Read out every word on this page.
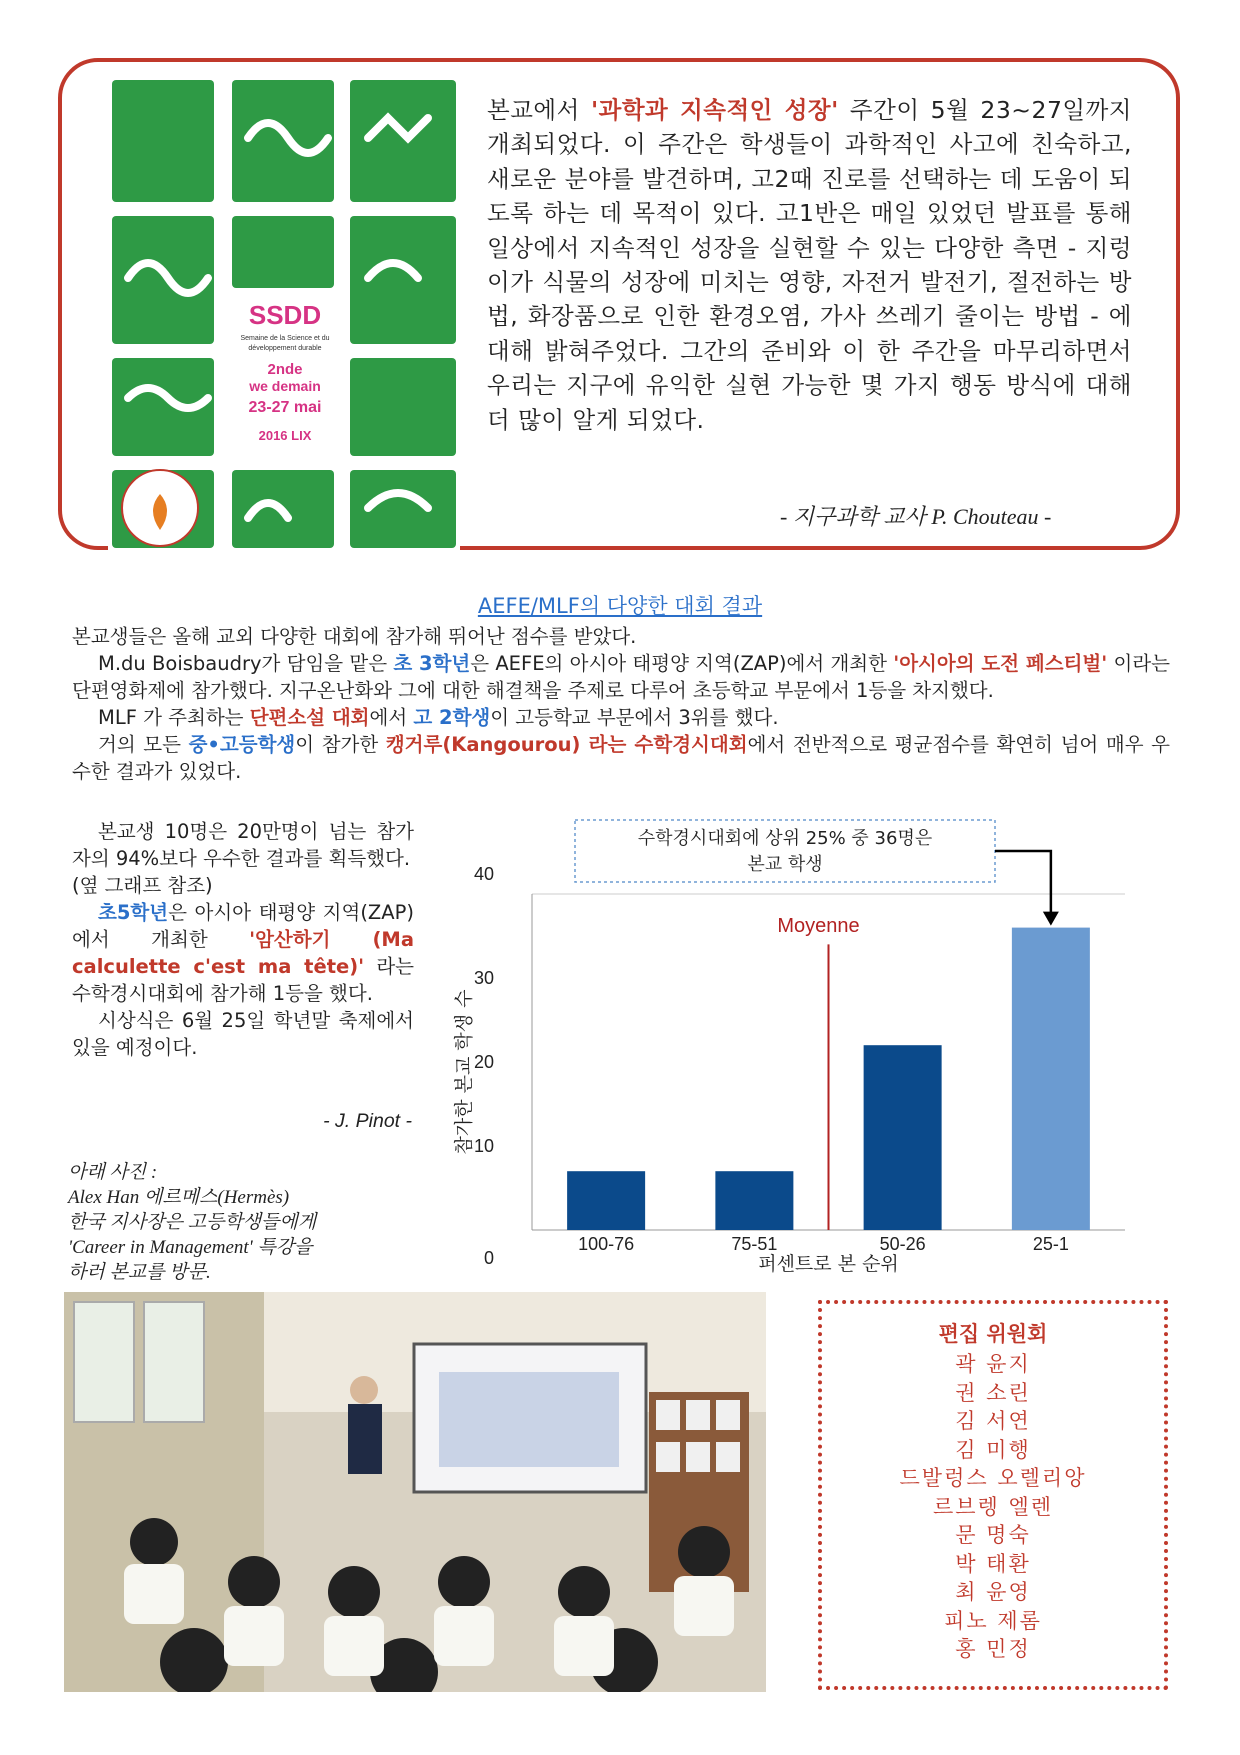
SSDD
Semaine de la Science et du
développement durable
2nde
we demain
23-27 mai
2016 LIX
본교에서 '과학과 지속적인 성장' 주간이 5월 23~27일까지 개최되었다. 이 주간은 학생들이 과학적인 사고에 친숙하고, 새로운 분야를 발견하며, 고2때 진로를 선택하는 데 도움이 되도록 하는 데 목적이 있다. 고1반은 매일 있었던 발표를 통해 일상에서 지속적인 성장을 실현할 수 있는 다양한 측면 - 지렁이가 식물의 성장에 미치는 영향, 자전거 발전기, 절전하는 방법, 화장품으로 인한 환경오염, 가사 쓰레기 줄이는 방법 - 에 대해 밝혀주었다. 그간의 준비와 이 한 주간을 마무리하면서 우리는 지구에 유익한 실현 가능한 몇 가지 행동 방식에 대해 더 많이 알게 되었다.
- 지구과학 교사 P. Chouteau -
AEFE/MLF의 다양한 대회 결과

본교생들은 올해 교외 다양한 대회에 참가해 뛰어난 점수를 받았다.

M.du Boisbaudry가 담임을 맡은 초 3학년은 AEFE의 아시아 태평양 지역(ZAP)에서 개최한 '아시아의 도전 페스티벌' 이라는 단편영화제에 참가했다. 지구온난화와 그에 대한 해결책을 주제로 다루어 초등학교 부문에서 1등을 차지했다.

MLF 가 주최하는 단편소설 대회에서 고 2학생이 고등학교 부문에서 3위를 했다.

거의 모든 중•고등학생이 참가한 캥거루(Kangourou) 라는 수학경시대회에서 전반적으로 평균점수를 확연히 넘어 매우 우수한 결과가 있었다.

본교생 10명은 20만명이 넘는 참가자의 94%보다 우수한 결과를 획득했다.

(옆 그래프 참조)

초5학년은 아시아 태평양 지역(ZAP)에서 개최한 '암산하기 (Ma calculette c'est ma tête)' 라는 수학경시대회에 참가해 1등을 했다.

시상식은 6월 25일 학년말 축제에서 있을 예정이다.

- J. Pinot -
아래 사진 :
Alex Han 에르메스(Hermès)
한국 지사장은 고등학생들에게
'Career in Management' 특강을
하러 본교를 방문.
편집 위원회
곽 윤지
권 소린
김 서연
김 미행
드발렁스 오렐리앙
르브렝 엘렌
문 명숙
박 태환
최 윤영
피노 제롬
홍 민정
0
10
20
30
40
100-76	75-51	50-26	25-1
Moyenne
퍼센트로 본 순위
참가한 본교 학생 수
수학경시대회에 상위 25% 중 36명은
본교 학생
